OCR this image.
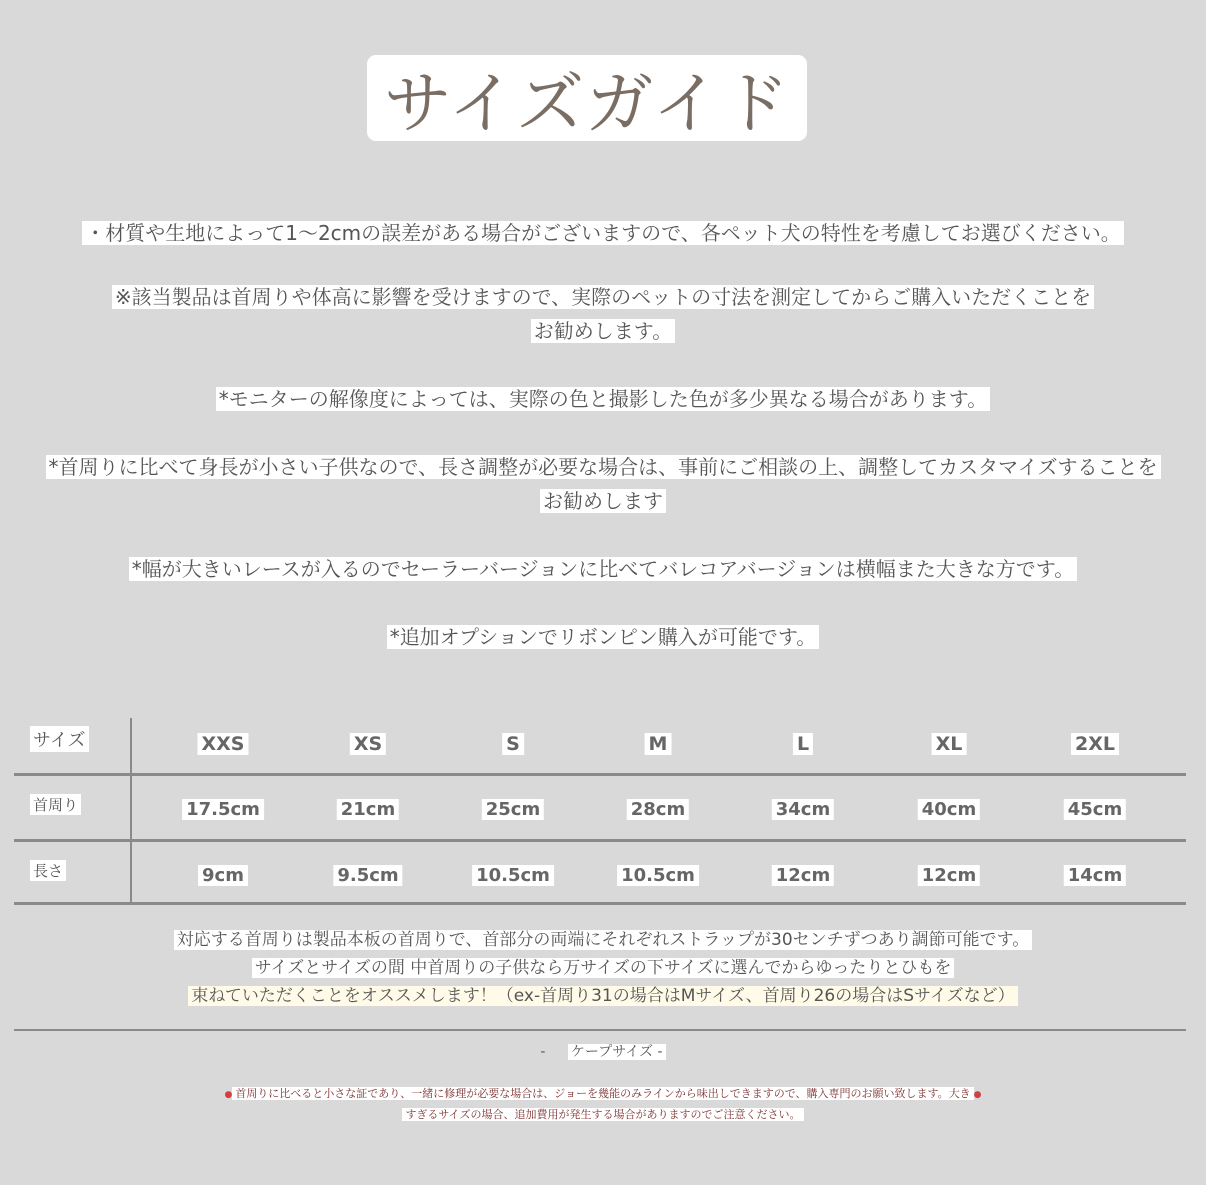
サイズガイド
・材質や生地によって1〜2cmの誤差がある場合がございますので、各ペット犬の特性を考慮してお選びください。
※該当製品は首周りや体高に影響を受けますので、実際のペットの寸法を測定してからご購入いただくことを
お勧めします。
*モニターの解像度によっては、実際の色と撮影した色が多少異なる場合があります。
*首周りに比べて身長が小さい子供なので、長さ調整が必要な場合は、事前にご相談の上、調整してカスタマイズすることを
お勧めします
*幅が大きいレースが入るのでセーラーバージョンに比べてバレコアバージョンは横幅また大きな方です。
*追加オプションでリボンピン購入が可能です。
サイズ	XXS	XS	S	M	L	XL	2XL
首周り	17.5cm	21cm	25cm	28cm	34cm	40cm	45cm
長さ	9cm	9.5cm	10.5cm	10.5cm	12cm	12cm	14cm
対応する首周りは製品本板の首周りで、首部分の両端にそれぞれストラップが30センチずつあり調節可能です。
サイズとサイズの間 中首周りの子供なら万サイズの下サイズに選んでからゆったりとひもを
束ねていただくことをオススメします！（ex-首周り31の場合はMサイズ、首周り26の場合はSサイズなど）
- ケープサイズ -
● 首周りに比べると小さな証であり、一緒に修理が必要な場合は、ジョーを幾能のみラインから味出しできますので、購入専門のお願い致します。大き ●
すぎるサイズの場合、追加費用が発生する場合がありますのでご注意ください。
